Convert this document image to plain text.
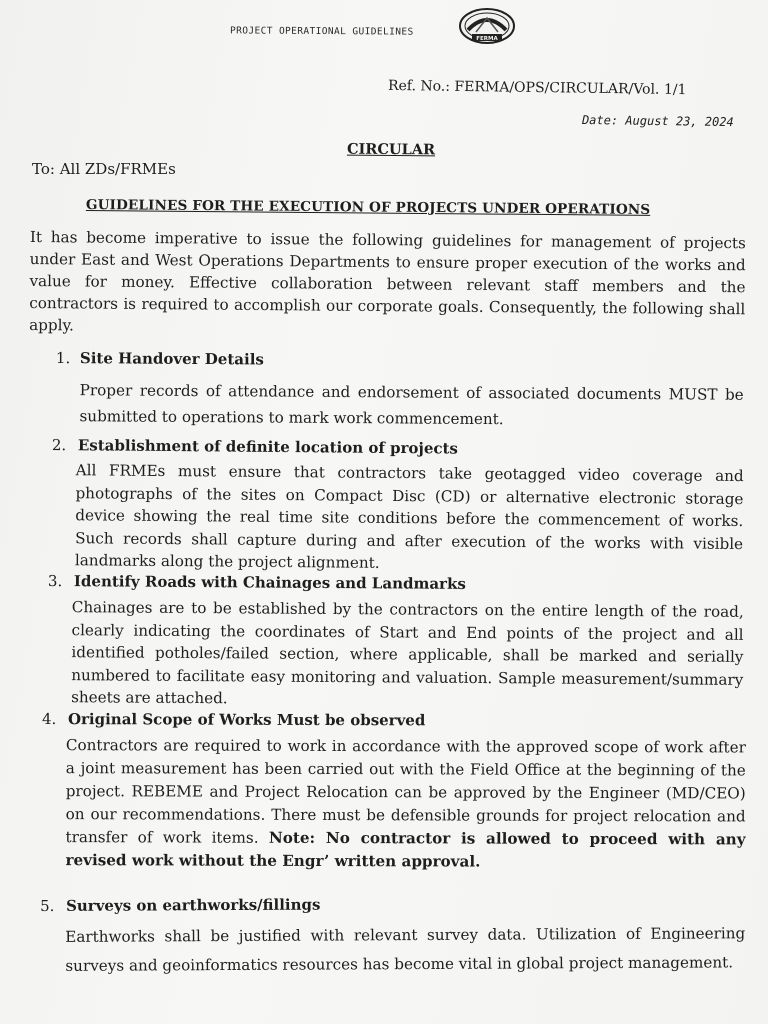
PROJECT OPERATIONAL GUIDELINES
FERMA
Ref. No.: FERMA/OPS/CIRCULAR/Vol. 1/1
Date: August 23, 2024
CIRCULAR
To: All ZDs/FRMEs
GUIDELINES FOR THE EXECUTION OF PROJECTS UNDER OPERATIONS

It has become imperative to issue the following guidelines for management of projects under East and West Operations Departments to ensure proper execution of the works and value for money. Effective collaboration between relevant staff members and the contractors is required to accomplish our corporate goals. Consequently, the following shall apply.

1. Site Handover Details
Proper records of attendance and endorsement of associated documents MUST be submitted to operations to mark work commencement.
2. Establishment of definite location of projects
All FRMEs must ensure that contractors take geotagged video coverage and photographs of the sites on Compact Disc (CD) or alternative electronic storage device showing the real time site conditions before the commencement of works. Such records shall capture during and after execution of the works with visible landmarks along the project alignment.
3. Identify Roads with Chainages and Landmarks
Chainages are to be established by the contractors on the entire length of the road, clearly indicating the coordinates of Start and End points of the project and all identified potholes/failed section, where applicable, shall be marked and serially numbered to facilitate easy monitoring and valuation. Sample measurement/summary sheets are attached.
4. Original Scope of Works Must be observed
Contractors are required to work in accordance with the approved scope of work after a joint measurement has been carried out with the Field Office at the beginning of the project. REBEME and Project Relocation can be approved by the Engineer (MD/CEO) on our recommendations. There must be defensible grounds for project relocation and transfer of work items. Note: No contractor is allowed to proceed with any revised work without the Engr’ written approval.
5. Surveys on earthworks/fillings
Earthworks shall be justified with relevant survey data. Utilization of Engineering surveys and geoinformatics resources has become vital in global project management.
